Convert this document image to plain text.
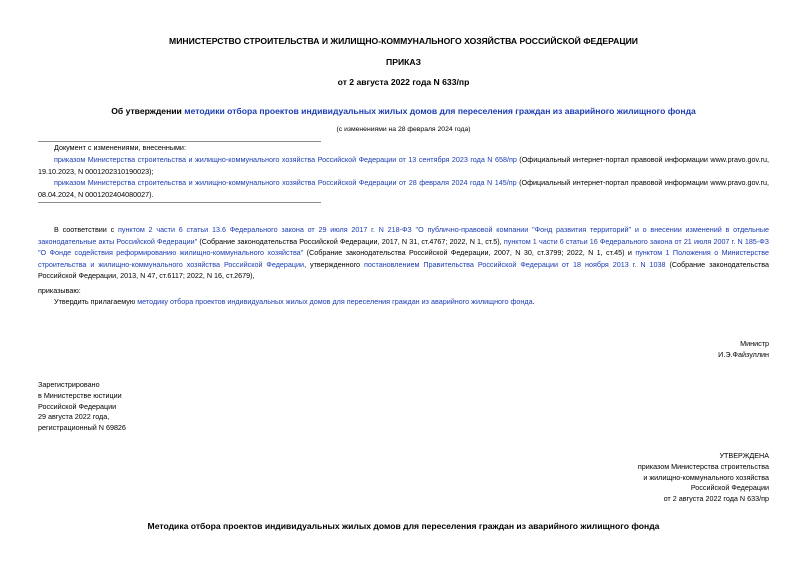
МИНИСТЕРСТВО СТРОИТЕЛЬСТВА И ЖИЛИЩНО-КОММУНАЛЬНОГО ХОЗЯЙСТВА РОССИЙСКОЙ ФЕДЕРАЦИИ
ПРИКАЗ
от 2 августа 2022 года N 633/пр
Об утверждении методики отбора проектов индивидуальных жилых домов для переселения граждан из аварийного жилищного фонда
(с изменениями на 28 февраля 2024 года)
Документ с изменениями, внесенными:
приказом Министерства строительства и жилищно-коммунального хозяйства Российской Федерации от 13 сентября 2023 года N 658/пр (Официальный интернет-портал правовой информации www.pravo.gov.ru, 19.10.2023, N 0001202310190023);
приказом Министерства строительства и жилищно-коммунального хозяйства Российской Федерации от 28 февраля 2024 года N 145/пр (Официальный интернет-портал правовой информации www.pravo.gov.ru, 08.04.2024, N 0001202404080027).
В соответствии с пунктом 2 части 6 статьи 13.6 Федерального закона от 29 июля 2017 г. N 218-ФЗ "О публично-правовой компании "Фонд развития территорий" и о внесении изменений в отдельные законодательные акты Российской Федерации" (Собрание законодательства Российской Федерации, 2017, N 31, ст.4767; 2022, N 1, ст.5), пунктом 1 части 6 статьи 16 Федерального закона от 21 июля 2007 г. N 185-ФЗ "О Фонде содействия реформированию жилищно-коммунального хозяйства" (Собрание законодательства Российской Федерации, 2007, N 30, ст.3799; 2022, N 1, ст.45) и пунктом 1 Положения о Министерстве строительства и жилищно-коммунального хозяйства Российской Федерации, утвержденного постановлением Правительства Российской Федерации от 18 ноября 2013 г. N 1038 (Собрание законодательства Российской Федерации, 2013, N 47, ст.6117; 2022, N 16, ст.2679),
приказываю:
Утвердить прилагаемую методику отбора проектов индивидуальных жилых домов для переселения граждан из аварийного жилищного фонда.
Министр
И.Э.Файзуллин
Зарегистрировано
в Министерстве юстиции
Российской Федерации
29 августа 2022 года,
регистрационный N 69826
УТВЕРЖДЕНА
приказом Министерства строительства
и жилищно-коммунального хозяйства
Российской Федерации
от 2 августа 2022 года N 633/пр
Методика отбора проектов индивидуальных жилых домов для переселения граждан из аварийного жилищного фонда
